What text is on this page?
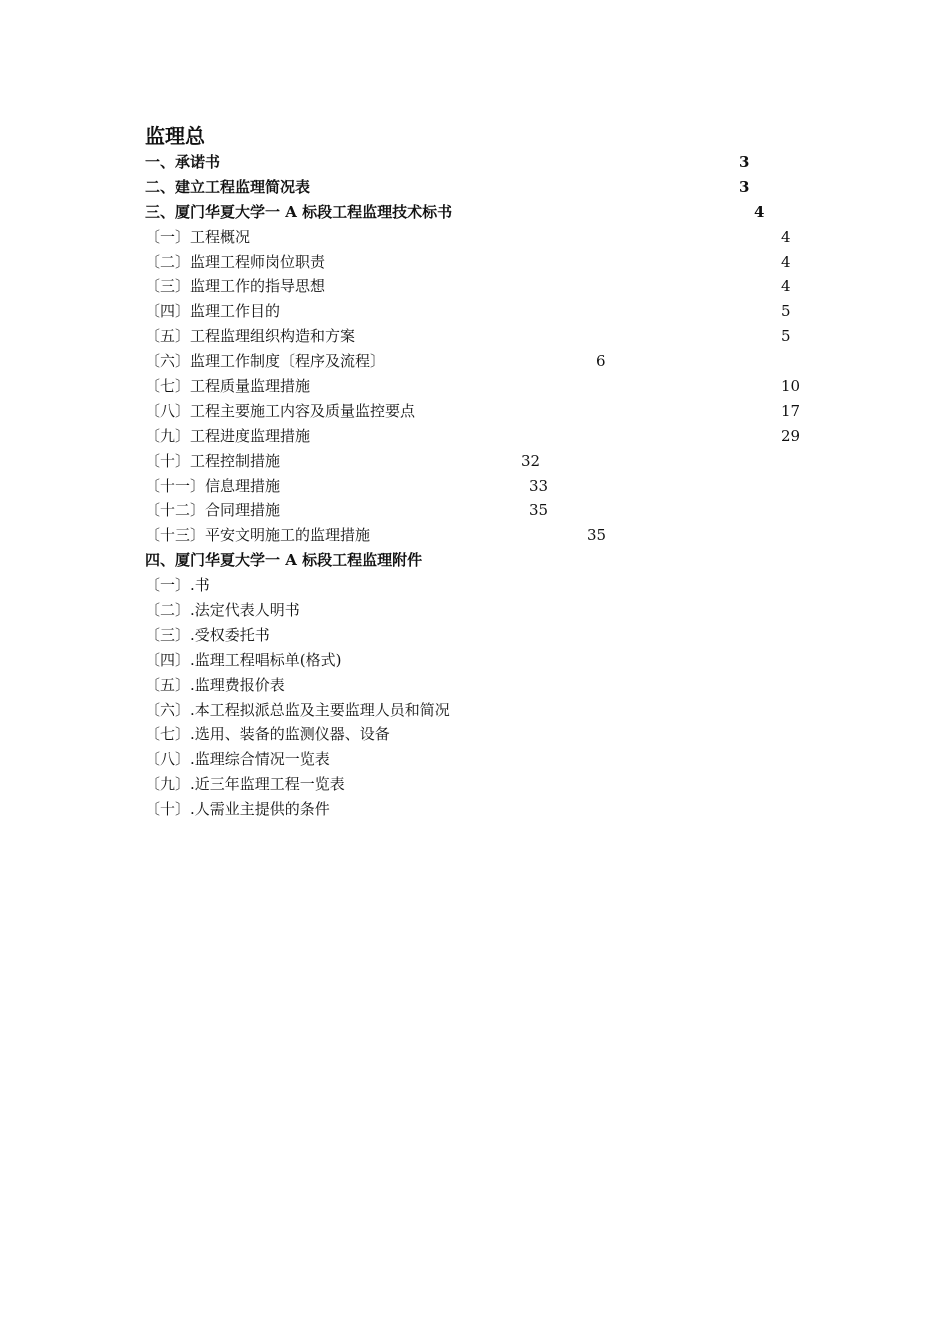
监理总
一、承诺书	3
二、建立工程监理简况表	3
三、厦门华夏大学一 A 标段工程监理技术标书	4
〔一〕工程概况	4
〔二〕监理工程师岗位职责	4
〔三〕监理工作的指导思想	4
〔四〕监理工作目的	5
〔五〕工程监理组织构造和方案	5
〔六〕监理工作制度〔程序及流程〕	6
〔七〕工程质量监理措施	10
〔八〕工程主要施工内容及质量监控要点	17
〔九〕工程进度监理措施	29
〔十〕工程控制措施	32
〔十一〕信息理措施	33
〔十二〕合同理措施	35
〔十三〕平安文明施工的监理措施	35
四、厦门华夏大学一 A 标段工程监理附件
〔一〕.书
〔二〕.法定代表人明书
〔三〕.受权委托书
〔四〕.监理工程唱标单(格式)
〔五〕.监理费报价表
〔六〕.本工程拟派总监及主要监理人员和简况
〔七〕.选用、装备的监测仪器、设备
〔八〕.监理综合情况一览表
〔九〕.近三年监理工程一览表
〔十〕.人需业主提供的条件
